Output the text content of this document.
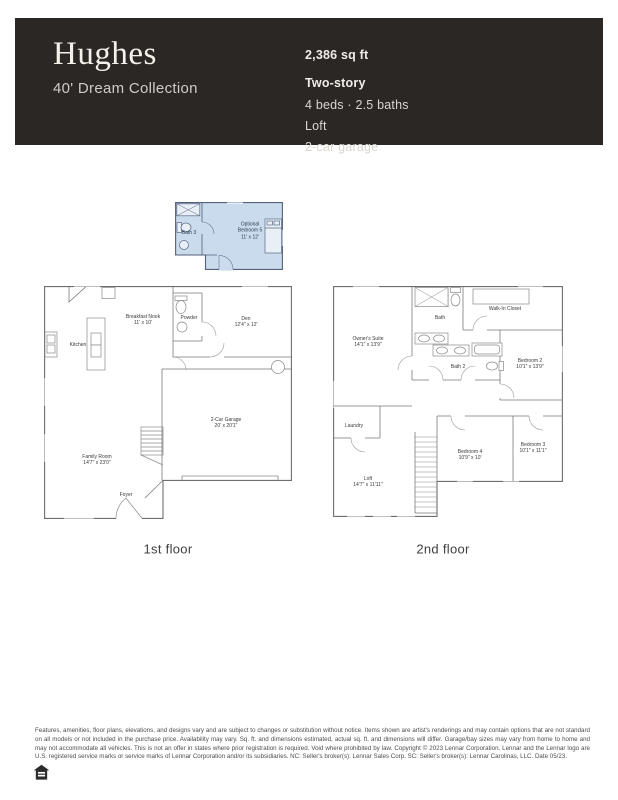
Hughes
40' Dream Collection
2,386 sq ft
Two-story
4 beds · 2.5 baths
Loft
2-car garage
Bath 3
Optional
Bedroom 5
11' x 12'
Breakfast Nook
11' x 10'
Kitchen
Powder	Den
12'4" x 12'
Family Room
14'7" x 23'0"
2-Car Garage
20' x 20'1"
Foyer
Owner's Suite
14'1" x 13'9"
Bath
Walk-In Closet
Bath 2
Bedroom 2
10'1" x 13'9"
Laundry
Bedroom 4
10'9" x 10'
Bedroom 3
10'1" x 11'1"
Loft
14'7" x 11'11"
1st floor	2nd floor
Features, amenities, floor plans, elevations, and designs vary and are subject to changes or substitution without notice. Items shown are artist's renderings and may contain options that are not standard on all models or not included in the purchase price. Availability may vary. Sq. ft. and dimensions estimated, actual sq. ft. and dimensions will differ. Garage/bay sizes may vary from home to home and may not accommodate all vehicles. This is not an offer in states where prior registration is required. Void where prohibited by law. Copyright © 2023 Lennar Corporation. Lennar and the Lennar logo are U.S. registered service marks or service marks of Lennar Corporation and/or its subsidiaries. NC: Seller's broker(s): Lennar Sales Corp. SC: Seller's broker(s): Lennar Carolinas, LLC. Date 05/23.
